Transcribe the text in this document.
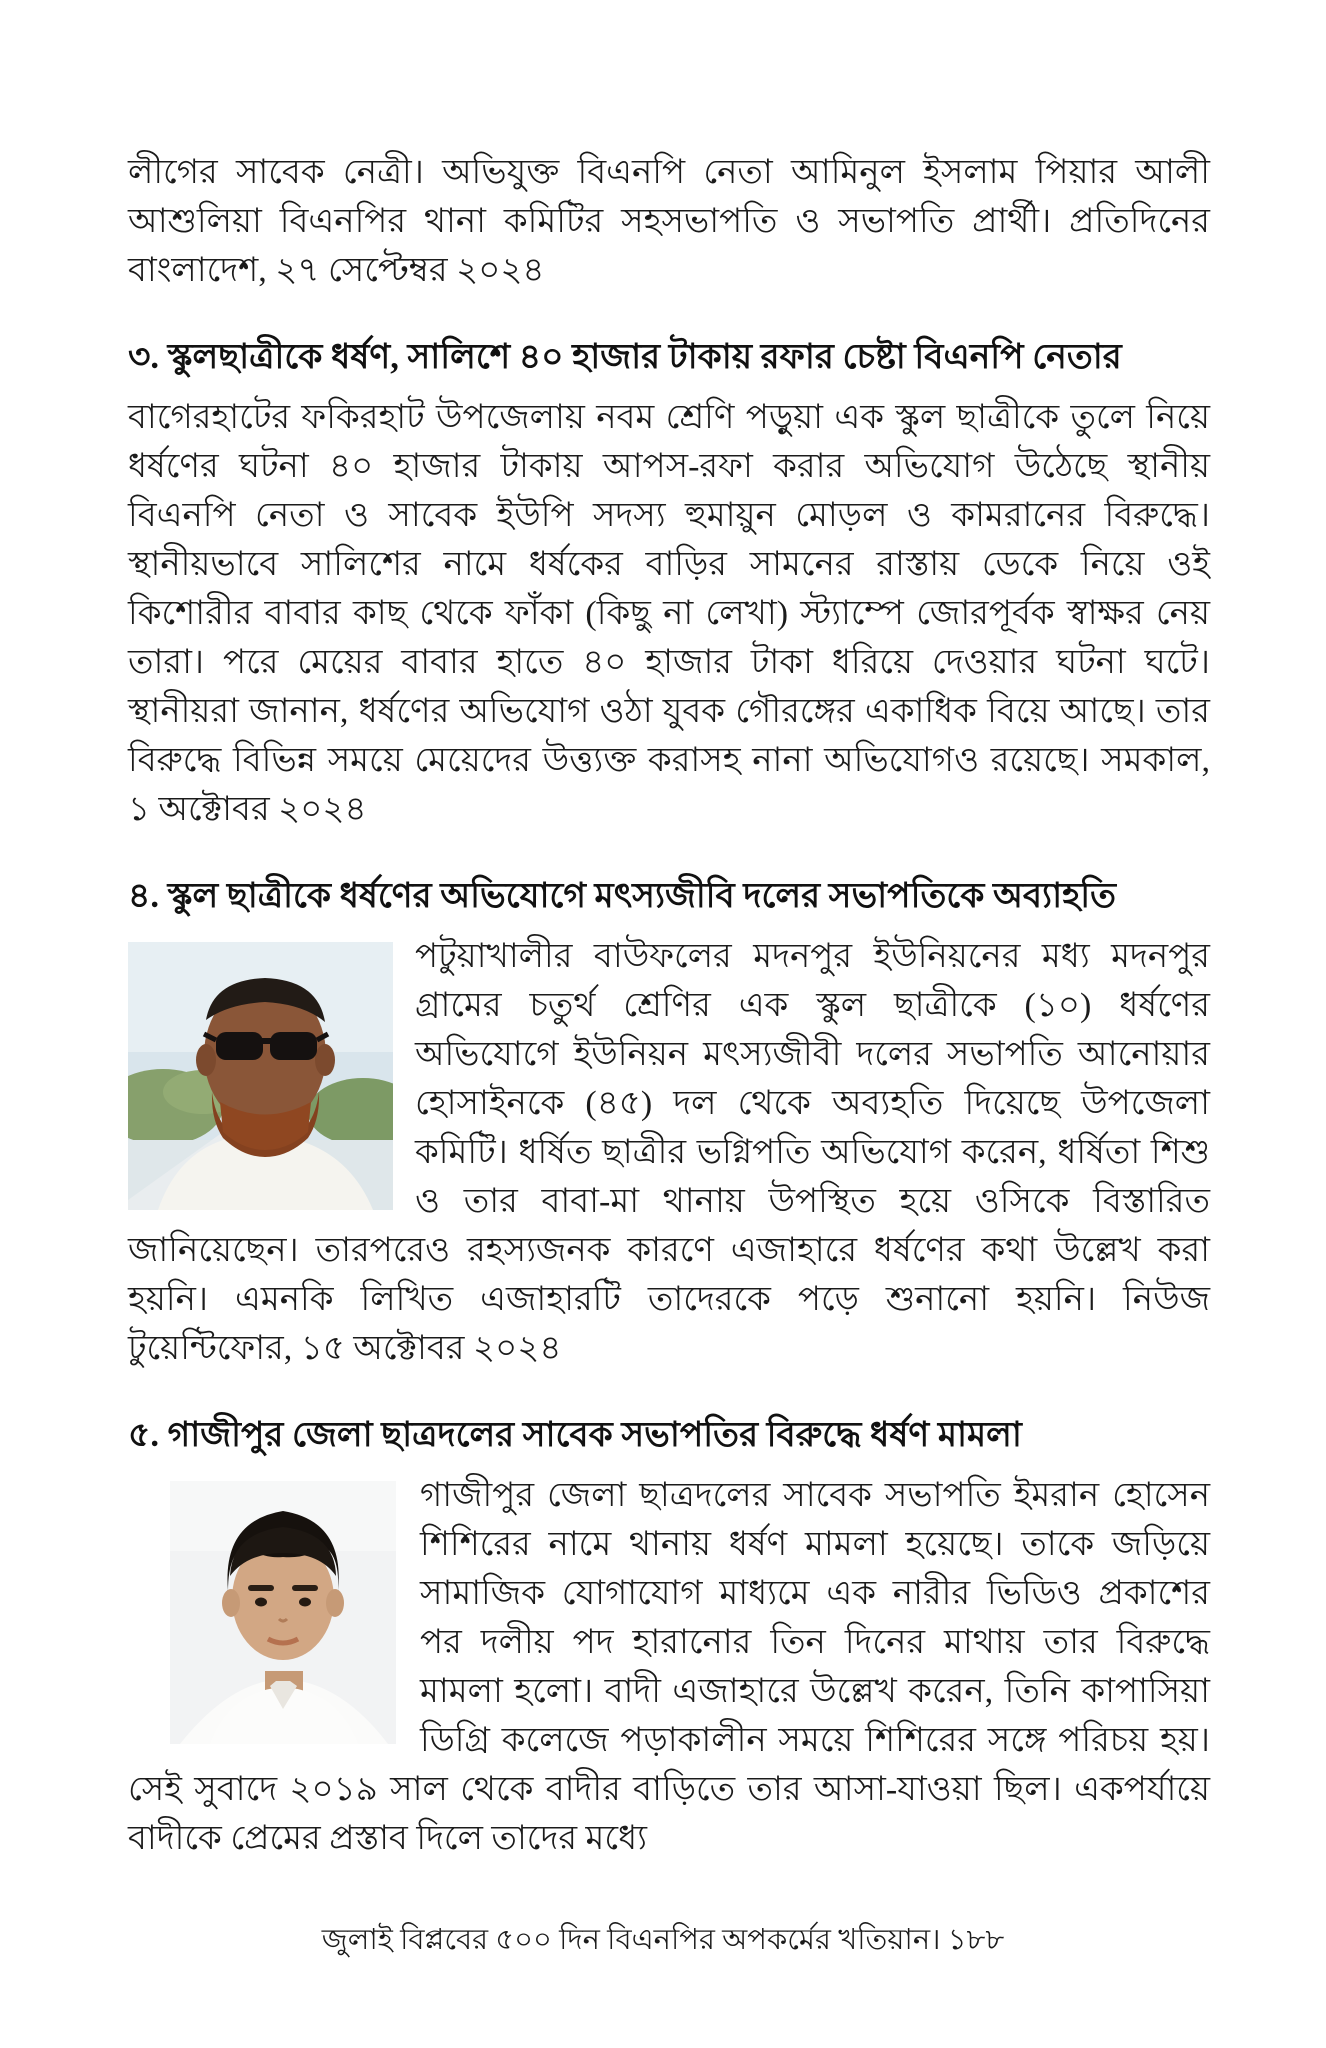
লীগের সাবেক নেত্রী। অভিযুক্ত বিএনপি নেতা আমিনুল ইসলাম পিয়ার আলী আশুলিয়া বিএনপির থানা কমিটির সহসভাপতি ও সভাপতি প্রার্থী। প্রতিদিনের বাংলাদেশ, ২৭ সেপ্টেম্বর ২০২৪

৩. স্কুলছাত্রীকে ধর্ষণ, সালিশে ৪০ হাজার টাকায় রফার চেষ্টা বিএনপি নেতার

বাগেরহাটের ফকিরহাট উপজেলায় নবম শ্রেণি পড়ুয়া এক স্কুল ছাত্রীকে তুলে নিয়ে ধর্ষণের ঘটনা ৪০ হাজার টাকায় আপস-রফা করার অভিযোগ উঠেছে স্থানীয় বিএনপি নেতা ও সাবেক ইউপি সদস্য হুমায়ুন মোড়ল ও কামরানের বিরুদ্ধে। স্থানীয়ভাবে সালিশের নামে ধর্ষকের বাড়ির সামনের রাস্তায় ডেকে নিয়ে ওই কিশোরীর বাবার কাছ থেকে ফাঁকা (কিছু না লেখা) স্ট্যাম্পে জোরপূর্বক স্বাক্ষর নেয় তারা। পরে মেয়ের বাবার হাতে ৪০ হাজার টাকা ধরিয়ে দেওয়ার ঘটনা ঘটে। স্থানীয়রা জানান, ধর্ষণের অভিযোগ ওঠা যুবক গৌরঙ্গের একাধিক বিয়ে আছে। তার বিরুদ্ধে বিভিন্ন সময়ে মেয়েদের উত্ত্যক্ত করাসহ নানা অভিযোগও রয়েছে। সমকাল, ১ অক্টোবর ২০২৪

৪. স্কুল ছাত্রীকে ধর্ষণের অভিযোগে মৎস্যজীবি দলের সভাপতিকে অব্যাহতি

পটুয়াখালীর বাউফলের মদনপুর ইউনিয়নের মধ্য মদনপুর গ্রামের চতুর্থ শ্রেণির এক স্কুল ছাত্রীকে (১০) ধর্ষণের অভিযোগে ইউনিয়ন মৎস্যজীবী দলের সভাপতি আনোয়ার হোসাইনকে (৪৫) দল থেকে অব্যহতি দিয়েছে উপজেলা কমিটি। ধর্ষিত ছাত্রীর ভগ্নিপতি অভিযোগ করেন, ধর্ষিতা শিশু ও তার বাবা-মা থানায় উপস্থিত হয়ে ওসিকে বিস্তারিত জানিয়েছেন। তারপরেও রহস্যজনক কারণে এজাহারে ধর্ষণের কথা উল্লেখ করা হয়নি। এমনকি লিখিত এজাহারটি তাদেরকে পড়ে শুনানো হয়নি। নিউজ টুয়েন্টিফোর, ১৫ অক্টোবর ২০২৪

৫. গাজীপুর জেলা ছাত্রদলের সাবেক সভাপতির বিরুদ্ধে ধর্ষণ মামলা

গাজীপুর জেলা ছাত্রদলের সাবেক সভাপতি ইমরান হোসেন শিশিরের নামে থানায় ধর্ষণ মামলা হয়েছে। তাকে জড়িয়ে সামাজিক যোগাযোগ মাধ্যমে এক নারীর ভিডিও প্রকাশের পর দলীয় পদ হারানোর তিন দিনের মাথায় তার বিরুদ্ধে মামলা হলো। বাদী এজাহারে উল্লেখ করেন, তিনি কাপাসিয়া ডিগ্রি কলেজে পড়াকালীন সময়ে শিশিরের সঙ্গে পরিচয় হয়। সেই সুবাদে ২০১৯ সাল থেকে বাদীর বাড়িতে তার আসা-যাওয়া ছিল। একপর্যায়ে বাদীকে প্রেমের প্রস্তাব দিলে তাদের মধ্যে

জুলাই বিপ্লবের ৫০০ দিন বিএনপির অপকর্মের খতিয়ান। ১৮৮
